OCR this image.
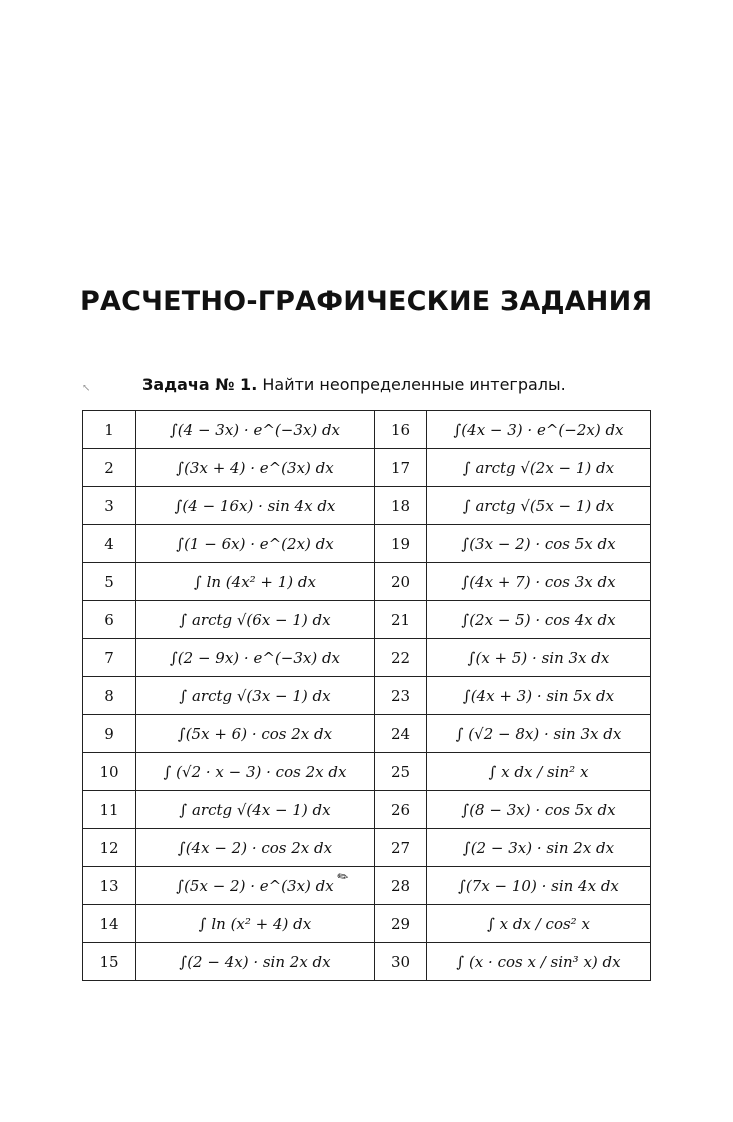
РАСЧЕТНО-ГРАФИЧЕСКИЕ ЗАДАНИЯ
↖	Задача № 1. Найти неопределенные интегралы.
✎
1	∫(4 − 3x) · e^(−3x) dx	16	∫(4x − 3) · e^(−2x) dx
2	∫(3x + 4) · e^(3x) dx	17	∫ arctg √(2x − 1) dx
3	∫(4 − 16x) · sin 4x dx	18	∫ arctg √(5x − 1) dx
4	∫(1 − 6x) · e^(2x) dx	19	∫(3x − 2) · cos 5x dx
5	∫ ln (4x² + 1) dx	20	∫(4x + 7) · cos 3x dx
6	∫ arctg √(6x − 1) dx	21	∫(2x − 5) · cos 4x dx
7	∫(2 − 9x) · e^(−3x) dx	22	∫(x + 5) · sin 3x dx
8	∫ arctg √(3x − 1) dx	23	∫(4x + 3) · sin 5x dx
9	∫(5x + 6) · cos 2x dx	24	∫ (√2 − 8x) · sin 3x dx
10	∫ (√2 · x − 3) · cos 2x dx	25	∫ x dx / sin² x
11	∫ arctg √(4x − 1) dx	26	∫(8 − 3x) · cos 5x dx
12	∫(4x − 2) · cos 2x dx	27	∫(2 − 3x) · sin 2x dx
13	∫(5x − 2) · e^(3x) dx	28	∫(7x − 10) · sin 4x dx
14	∫ ln (x² + 4) dx	29	∫ x dx / cos² x
15	∫(2 − 4x) · sin 2x dx	30	∫ (x · cos x / sin³ x) dx
